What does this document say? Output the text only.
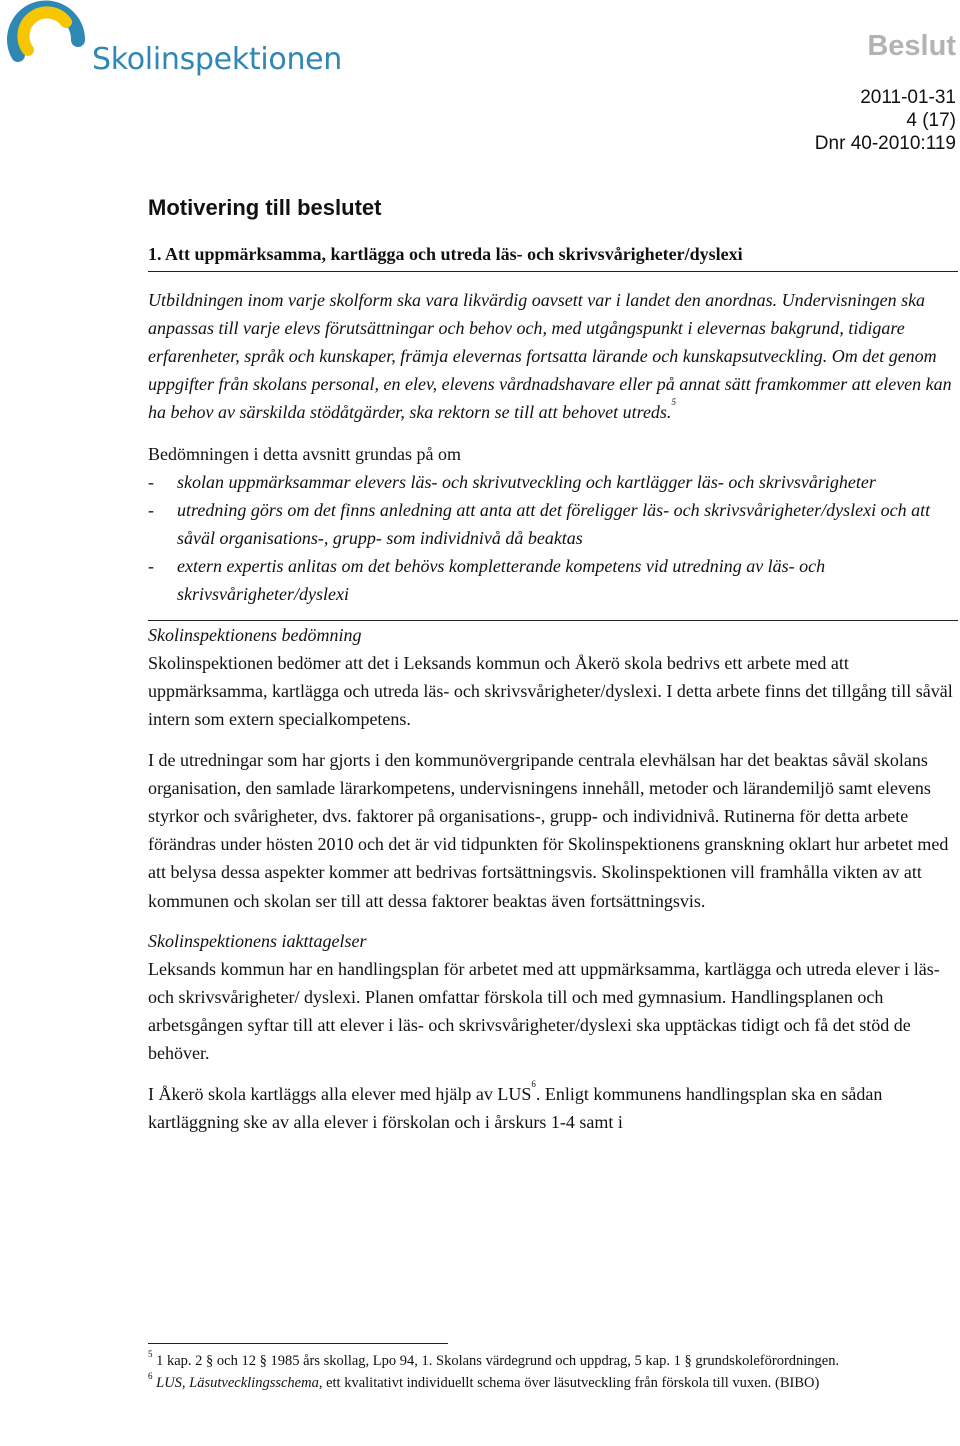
Skolinspektionen	Beslut
2011-01-31
4 (17)
Dnr 40-2010:119
Motivering till beslutet
1. Att uppmärksamma, kartlägga och utreda läs- och skrivsvårigheter/dyslexi

Utbildningen inom varje skolform ska vara likvärdig oavsett var i landet den anordnas. Undervisningen ska anpassas till varje elevs förutsättningar och behov och, med utgångspunkt i elevernas bakgrund, tidigare erfarenheter, språk och kunskaper, främja elevernas fortsatta lärande och kunskapsutveckling. Om det genom uppgifter från skolans personal, en elev, elevens vårdnadshavare eller på annat sätt framkommer att eleven kan ha behov av särskilda stödåtgärder, ska rektorn se till att behovet utreds.$^5$

Bedömningen i detta avsnitt grundas på om

- skolan uppmärksammar elevers läs- och skrivutveckling och kartlägger läs- och skrivsvårigheter
- utredning görs om det finns anledning att anta att det föreligger läs- och skrivsvårigheter/dyslexi och att såväl organisations-, grupp- som individnivå då beaktas
- extern expertis anlitas om det behövs kompletterande kompetens vid utredning av läs- och skrivsvårigheter/dyslexi

Skolinspektionens bedömning

Skolinspektionen bedömer att det i Leksands kommun och Åkerö skola bedrivs ett arbete med att uppmärksamma, kartlägga och utreda läs- och skrivsvårigheter/dyslexi. I detta arbete finns det tillgång till såväl intern som extern specialkompetens.

I de utredningar som har gjorts i den kommunövergripande centrala elevhälsan har det beaktas såväl skolans organisation, den samlade lärarkompetens, undervisningens innehåll, metoder och lärandemiljö samt elevens styrkor och svårigheter, dvs. faktorer på organisations-, grupp- och individnivå. Rutinerna för detta arbete förändras under hösten 2010 och det är vid tidpunkten för Skolinspektionens granskning oklart hur arbetet med att belysa dessa aspekter kommer att bedrivas fortsättningsvis. Skolinspektionen vill framhålla vikten av att kommunen och skolan ser till att dessa faktorer beaktas även fortsättningsvis.

Skolinspektionens iakttagelser

Leksands kommun har en handlingsplan för arbetet med att uppmärksamma, kartlägga och utreda elever i läs- och skrivsvårigheter/ dyslexi. Planen omfattar förskola till och med gymnasium. Handlingsplanen och arbetsgången syftar till att elever i läs- och skrivsvårigheter/dyslexi ska upptäckas tidigt och få det stöd de behöver.

I Åkerö skola kartläggs alla elever med hjälp av LUS$^6$. Enligt kommunens handlingsplan ska en sådan kartläggning ske av alla elever i förskolan och i årskurs 1-4 samt i

$^5$ 1 kap. 2 § och 12 § 1985 års skollag, Lpo 94, 1. Skolans värdegrund och uppdrag, 5 kap. 1 § grundskoleförordningen.

$^6$ LUS, Läsutvecklingsschema, ett kvalitativt individuellt schema över läsutveckling från förskola till vuxen. (BIBO)
